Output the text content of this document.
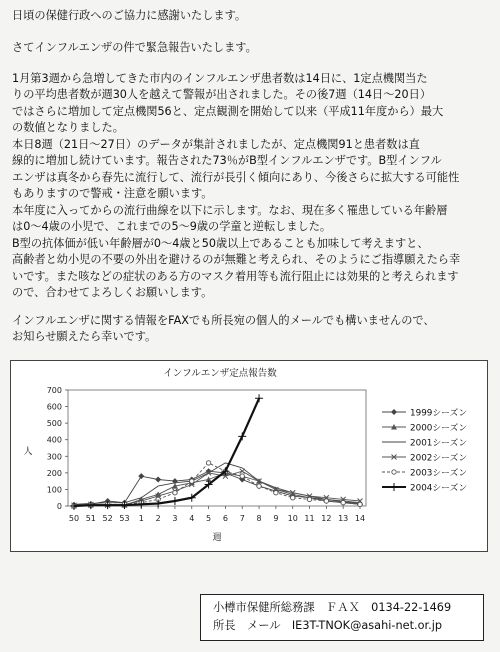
日頃の保健行政へのご協力に感謝いたします。
さてインフルエンザの件で緊急報告いたします。
1月第3週から急増してきた市内のインフルエンザ患者数は14日に、1定点機関当た
りの平均患者数が週30人を越えて警報が出されました。その後7週（14日～20日）
ではさらに増加して定点機関56と、定点観測を開始して以来（平成11年度から）最大
の数値となりました。
本日8週（21日～27日）のデータが集計されましたが、定点機関91と患者数は直
線的に増加し続けています。報告された73％がB型インフルエンザです。B型インフル
エンザは真冬から春先に流行して、流行が長引く傾向にあり、今後さらに拡大する可能性
もありますので警戒・注意を願います。
本年度に入ってからの流行曲線を以下に示します。なお、現在多く罹患している年齢層
は0～4歳の小児で、これまでの5～9歳の学童と逆転しました。
B型の抗体価が低い年齢層が0～4歳と50歳以上であることも加味して考えますと、
高齢者と幼小児の不要の外出を避けるのが無難と考えられ、そのようにご指導願えたら幸
いです。また咳などの症状のある方のマスク着用等も流行阻止には効果的と考えられます
ので、合わせてよろしくお願いします。
インフルエンザに関する情報をFAXでも所長宛の個人的メールでも構いませんので、
お知らせ願えたら幸いです。
インフルエンザ定点報告数
0
100
200
300
400
500
600
700
人
50 51 52 53 1 2 3 4 5 6 7 8 9 10 11 12 13 14
週
1999シーズン
2000シーズン
2001シーズン
2002シーズン
2003シーズン
2004シーズン
小樽市保健所総務課　ＦＡＸ　0134-22-1469
所長　メール　IE3T-TNOK@asahi-net.or.jp
